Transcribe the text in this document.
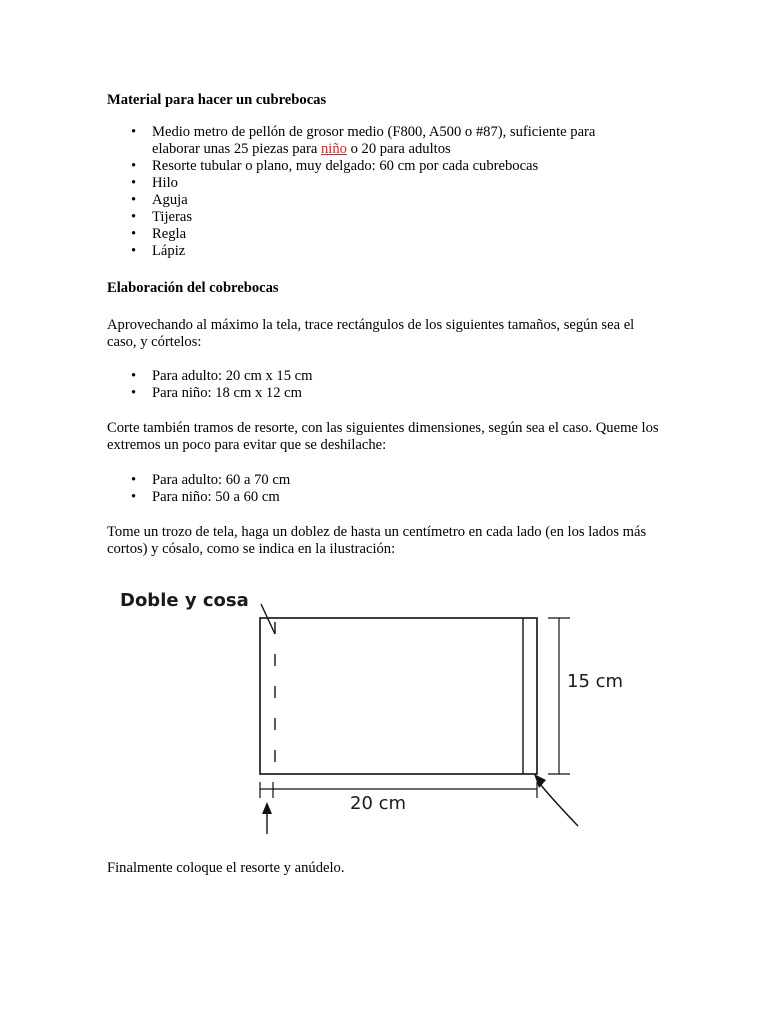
Material para hacer un cubrebocas
• Medio metro de pellón de grosor medio (F800, A500 o #87), suficiente para elaborar unas 25 piezas para niño o 20 para adultos
• Resorte tubular o plano, muy delgado: 60 cm por cada cubrebocas
• Hilo
• Aguja
• Tijeras
• Regla
• Lápiz
Elaboración del cobrebocas

Aprovechando al máximo la tela, trace rectángulos de los siguientes tamaños, según sea el caso, y córtelos:

• Para adulto: 20 cm x 15 cm
• Para niño: 18 cm x 12 cm

Corte también tramos de resorte, con las siguientes dimensiones, según sea el caso. Queme los extremos un poco para evitar que se deshilache:

• Para adulto: 60 a 70 cm
• Para niño: 50 a 60 cm

Tome un trozo de tela, haga un doblez de hasta un centímetro en cada lado (en los lados más cortos) y cósalo, como se indica en la ilustración:

Doble y cosa
15 cm
20 cm

Finalmente coloque el resorte y anúdelo.
